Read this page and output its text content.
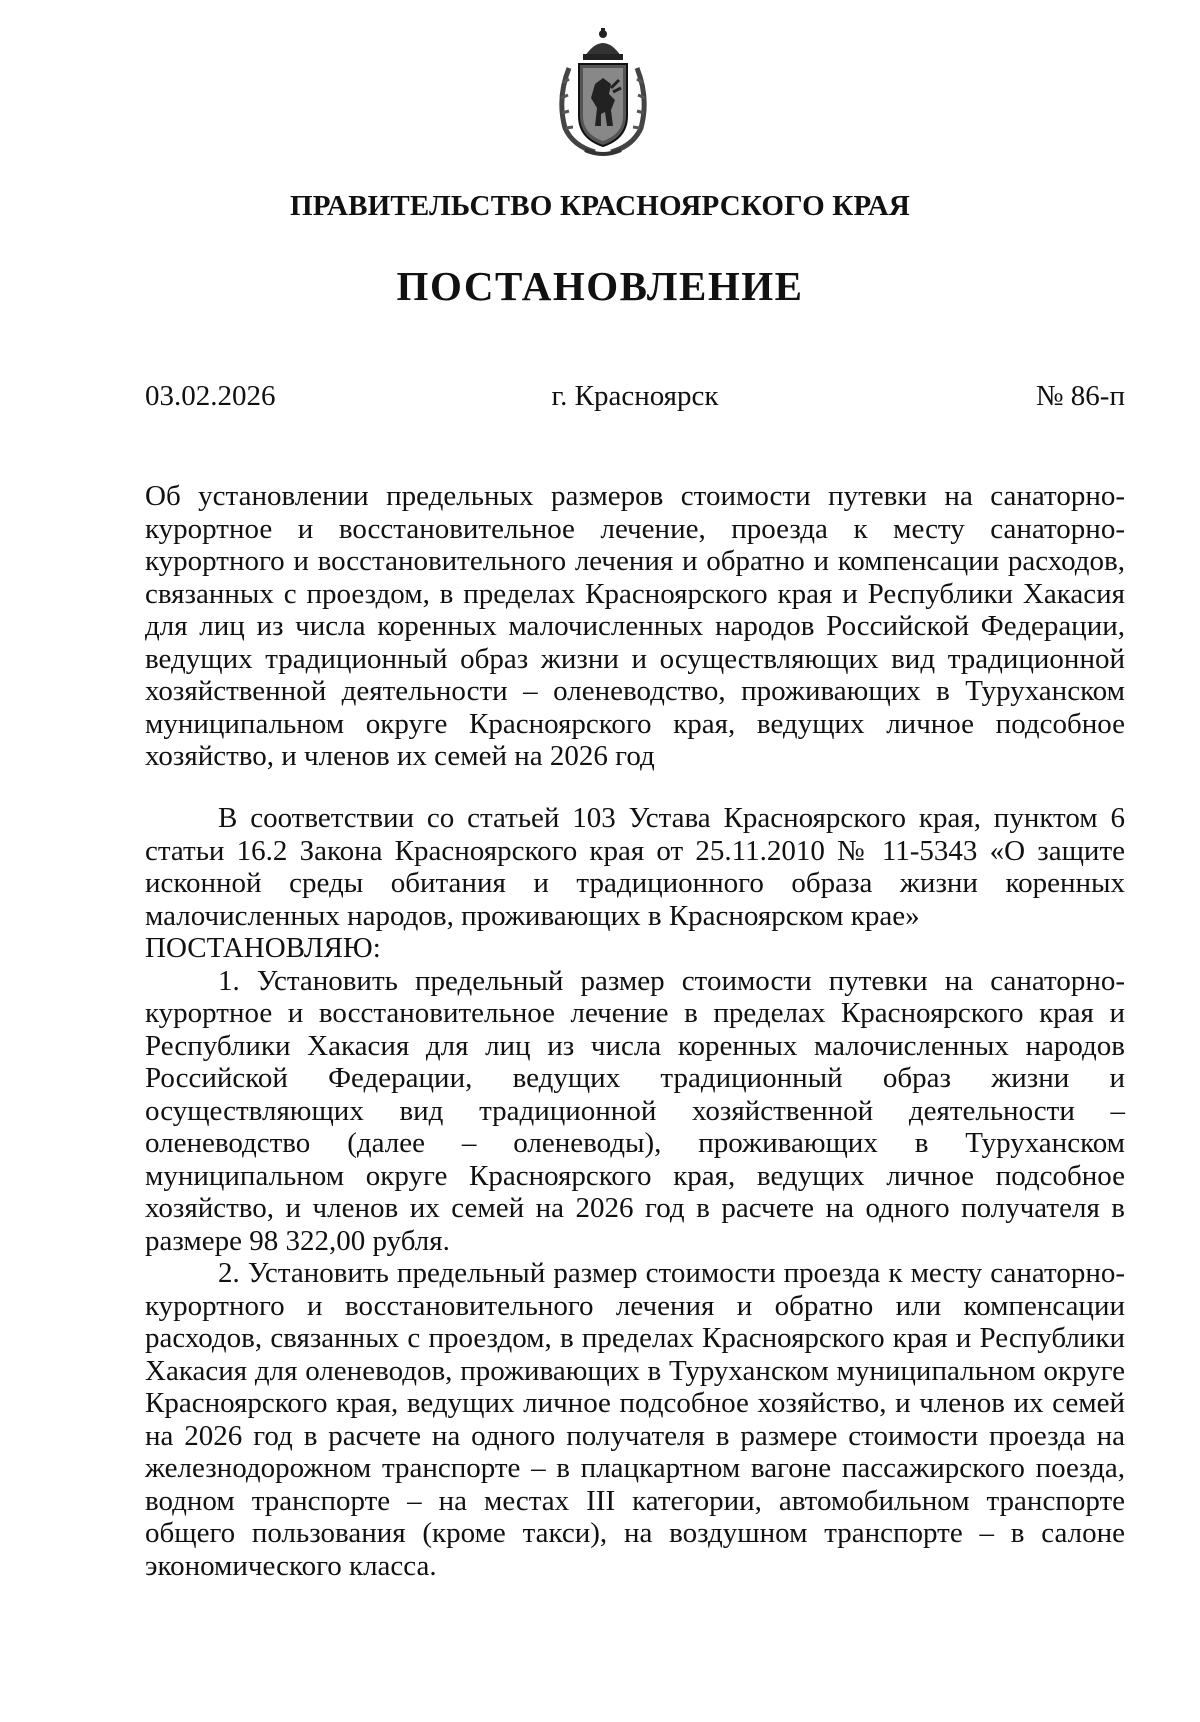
ПРАВИТЕЛЬСТВО КРАСНОЯРСКОГО КРАЯ
ПОСТАНОВЛЕНИЕ
03.02.2026	г. Красноярск	№ 86-п
Об установлении предельных размеров стоимости путевки на санаторно-курортное и восстановительное лечение, проезда к месту санаторно-курортного и восстановительного лечения и обратно и компенсации расходов, связанных с проездом, в пределах Красноярского края и Республики Хакасия для лиц из числа коренных малочисленных народов Российской Федерации, ведущих традиционный образ жизни и осуществляющих вид традиционной хозяйственной деятельности – оленеводство, проживающих в Туруханском муниципальном округе Красноярского края, ведущих личное подсобное хозяйство, и членов их семей на 2026 год

В соответствии со статьей 103 Устава Красноярского края, пунктом 6 статьи 16.2 Закона Красноярского края от 25.11.2010 № 11-5343 «О защите исконной среды обитания и традиционного образа жизни коренных малочисленных народов, проживающих в Красноярском крае»

ПОСТАНОВЛЯЮ:

1. Установить предельный размер стоимости путевки на санаторно-курортное и восстановительное лечение в пределах Красноярского края и Республики Хакасия для лиц из числа коренных малочисленных народов Российской Федерации, ведущих традиционный образ жизни и осуществляющих вид традиционной хозяйственной деятельности – оленеводство (далее – оленеводы), проживающих в Туруханском муниципальном округе Красноярского края, ведущих личное подсобное хозяйство, и членов их семей на 2026 год в расчете на одного получателя в размере 98 322,00 рубля.

2. Установить предельный размер стоимости проезда к месту санаторно-курортного и восстановительного лечения и обратно или компенсации расходов, связанных с проездом, в пределах Красноярского края и Республики Хакасия для оленеводов, проживающих в Туруханском муниципальном округе Красноярского края, ведущих личное подсобное хозяйство, и членов их семей на 2026 год в расчете на одного получателя в размере стоимости проезда на железнодорожном транспорте – в плацкартном вагоне пассажирского поезда, водном транспорте – на местах III категории, автомобильном транспорте общего пользования (кроме такси), на воздушном транспорте – в салоне экономического класса.
